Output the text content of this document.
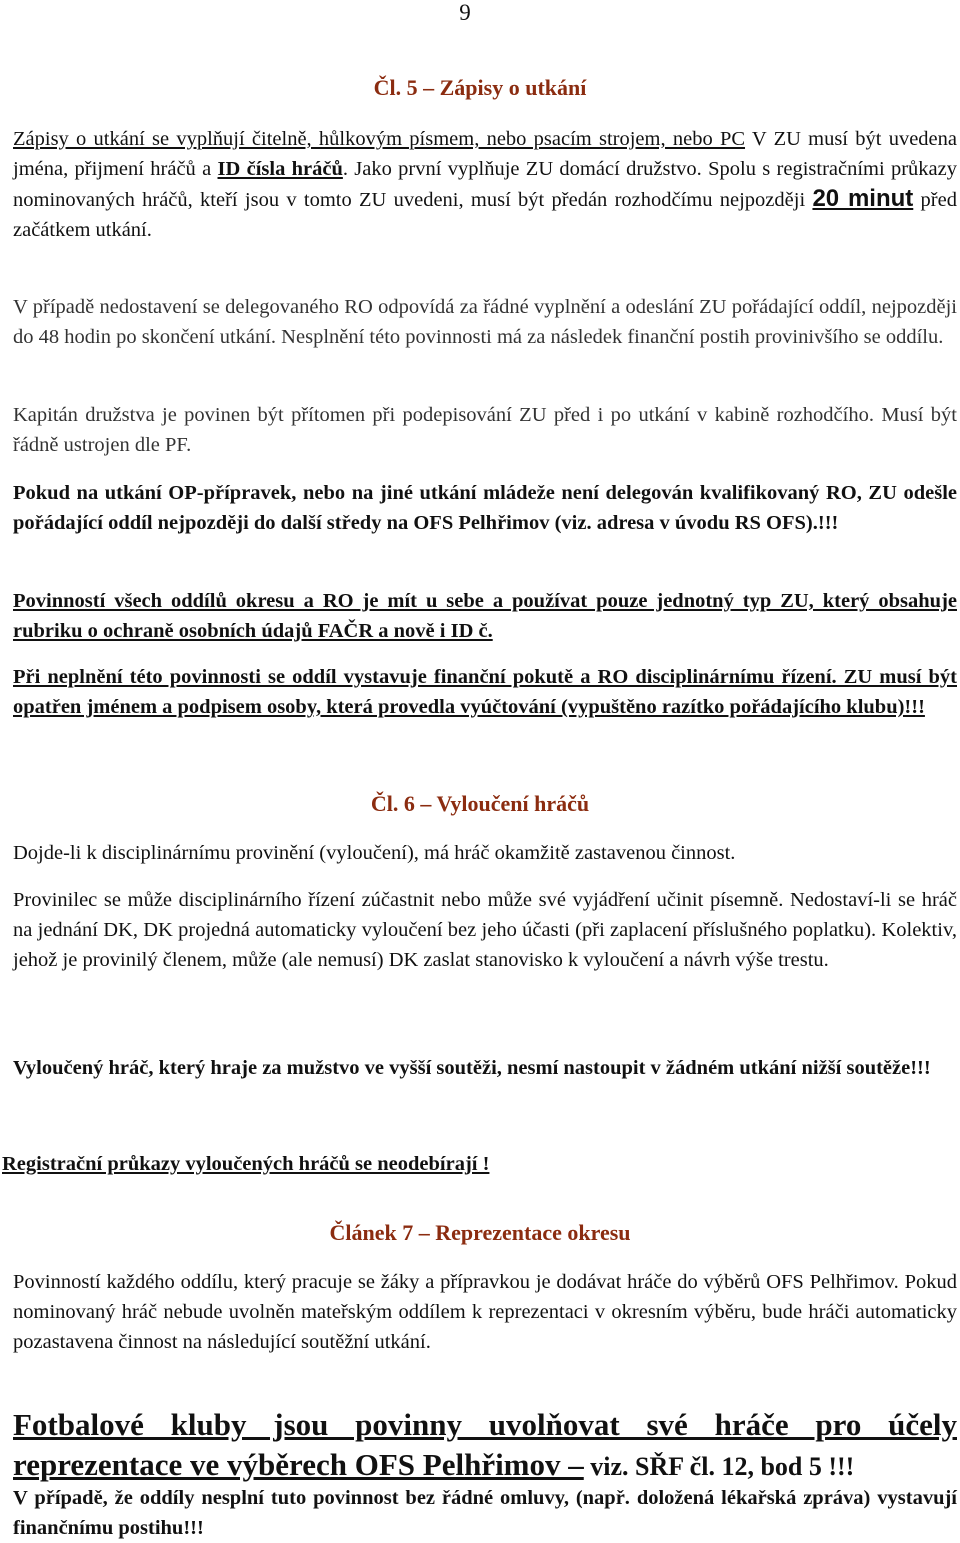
9
Čl. 5 – Zápisy o utkání
Zápisy o utkání se vyplňují čitelně, hůlkovým písmem, nebo psacím strojem, nebo PC V ZU musí být uvedena jména, přijmení hráčů a ID čísla hráčů. Jako první vyplňuje ZU domácí družstvo. Spolu s registračními průkazy nominovaných hráčů, kteří jsou v tomto ZU uvedeni, musí být předán rozhodčímu nejpozději 20 minut před začátkem utkání.
V případě nedostavení se delegovaného RO odpovídá za řádné vyplnění a odeslání ZU pořádající oddíl, nejpozději do 48 hodin po skončení utkání. Nesplnění této povinnosti má za následek finanční postih provinivšího se oddílu.
Kapitán družstva je povinen být přítomen při podepisování ZU před i po utkání v kabině rozhodčího. Musí být řádně ustrojen dle PF.
Pokud na utkání OP-přípravek, nebo na jiné utkání mládeže není delegován kvalifikovaný RO, ZU odešle pořádající oddíl nejpozději do další středy na OFS Pelhřimov (viz. adresa v úvodu RS OFS).!!!
Povinností všech oddílů okresu a RO je mít u sebe a používat pouze jednotný typ ZU, který obsahuje rubriku o ochraně osobních údajů FAČR a nově i ID č.
Při neplnění této povinnosti se oddíl vystavuje finanční pokutě a RO disciplinárnímu řízení. ZU musí být opatřen jménem a podpisem osoby, která provedla vyúčtování (vypuštěno razítko pořádajícího klubu)!!!
Čl. 6 – Vyloučení hráčů
Dojde-li k disciplinárnímu provinění (vyloučení), má hráč okamžitě zastavenou činnost.
Provinilec se může disciplinárního řízení zúčastnit nebo může své vyjádření učinit písemně. Nedostaví-li se hráč na jednání DK, DK projedná automaticky vyloučení bez jeho účasti (při zaplacení příslušného poplatku). Kolektiv, jehož je provinilý členem, může (ale nemusí) DK zaslat stanovisko k vyloučení a návrh výše trestu.
Vyloučený hráč, který hraje za mužstvo ve vyšší soutěži, nesmí nastoupit v žádném utkání nižší soutěže!!!
Registrační průkazy vyloučených hráčů se neodebírají !
Článek 7 – Reprezentace okresu
Povinností každého oddílu, který pracuje se žáky a přípravkou je dodávat hráče do výběrů OFS Pelhřimov. Pokud nominovaný hráč nebude uvolněn mateřským oddílem k reprezentaci v okresním výběru, bude hráči automaticky pozastavena činnost na následující soutěžní utkání.
Fotbalové kluby jsou povinny uvolňovat své hráče pro účely reprezentace ve výběrech OFS Pelhřimov – viz. SŘF čl. 12, bod 5 !!!
V případě, že oddíly nesplní tuto povinnost bez řádné omluvy, (např. doložená lékařská zpráva) vystavují finančnímu postihu!!!
